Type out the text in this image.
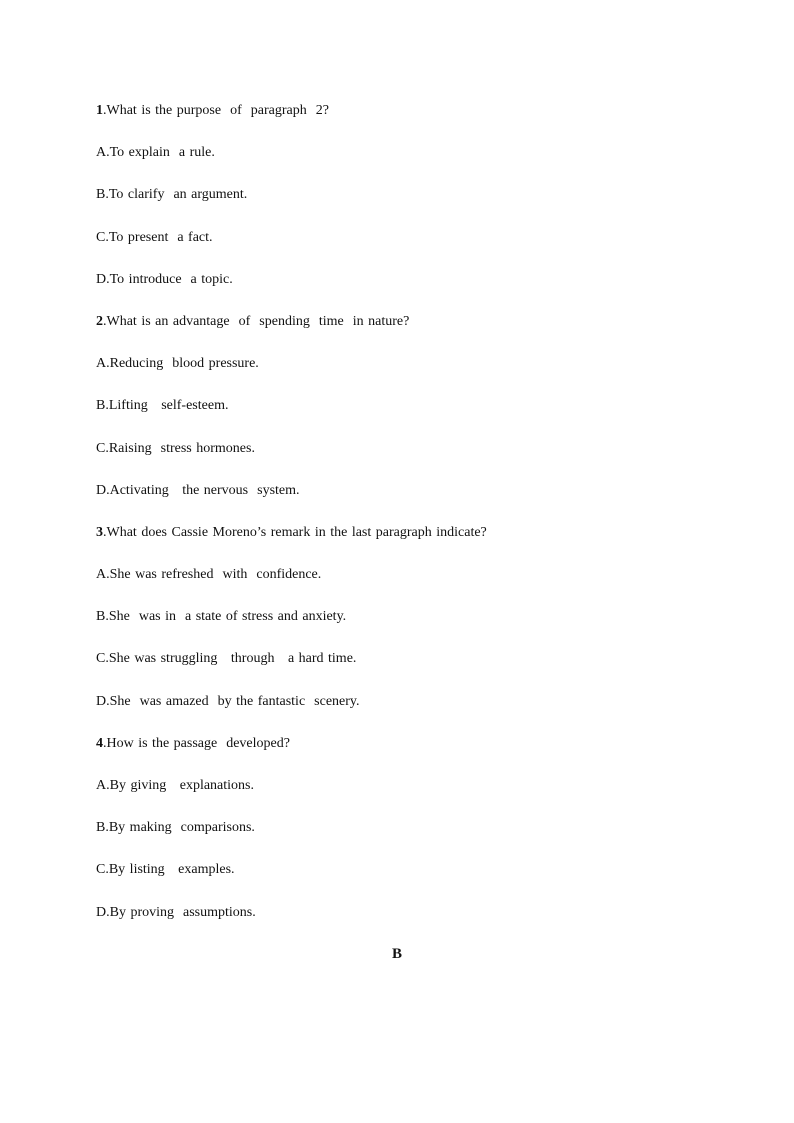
1.What is the purpose  of  paragraph  2?
A.To explain  a rule.
B.To clarify  an argument.
C.To present  a fact.
D.To introduce  a topic.
2.What is an advantage  of  spending  time  in nature?
A.Reducing  blood pressure.
B.Lifting   self-esteem.
C.Raising  stress hormones.
D.Activating   the nervous  system.
3.What does Cassie Moreno’s remark in the last paragraph indicate?
A.She was refreshed  with  confidence.
B.She  was in  a state of stress and anxiety.
C.She was struggling   through   a hard time.
D.She  was amazed  by the fantastic  scenery.
4.How is the passage  developed?
A.By giving   explanations.
B.By making  comparisons.
C.By listing   examples.
D.By proving  assumptions.
B
